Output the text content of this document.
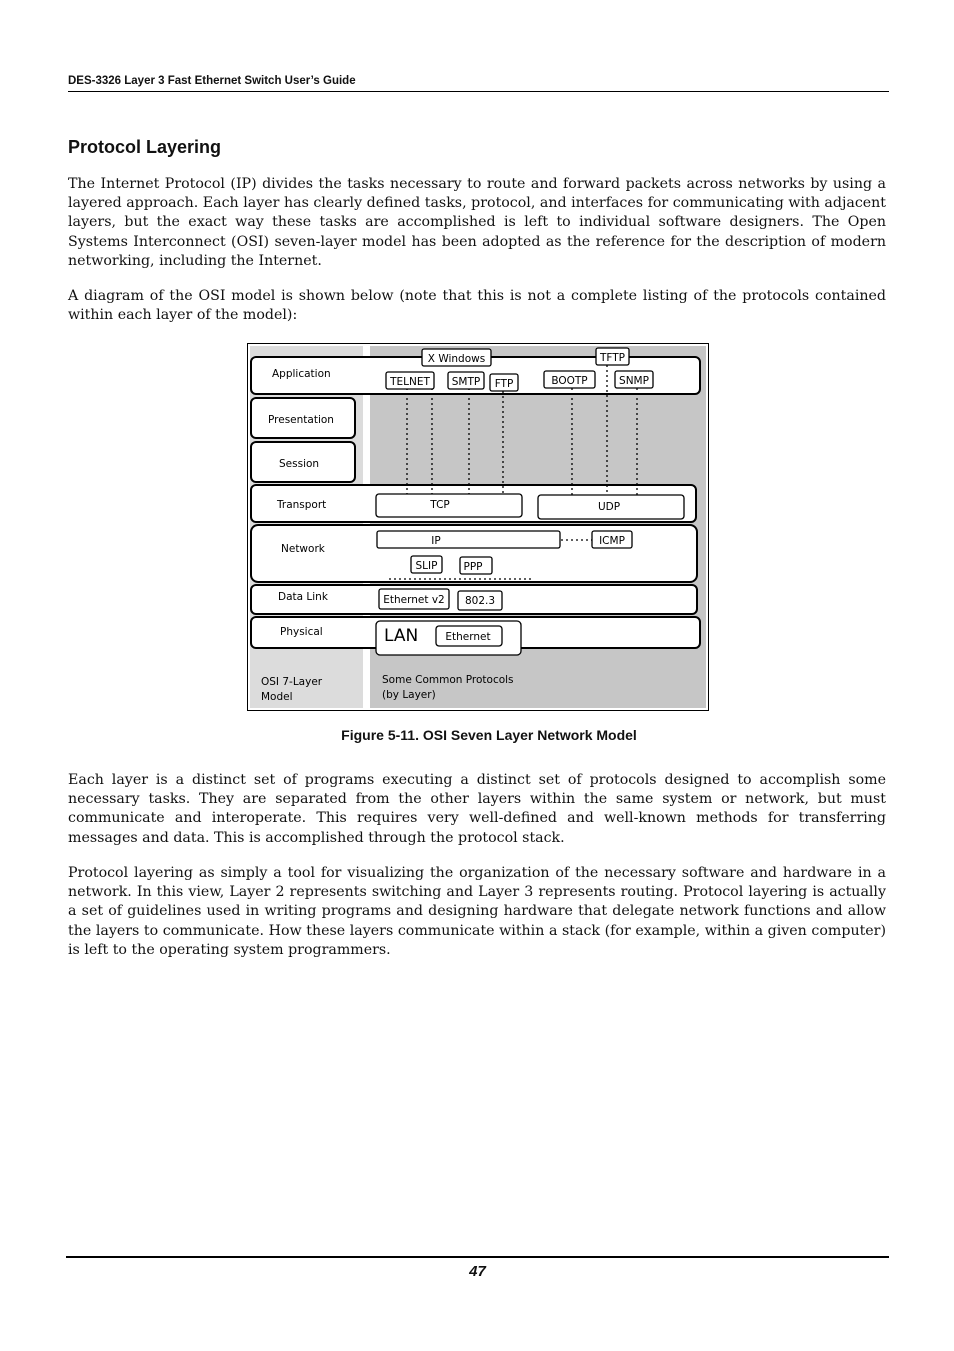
DES-3326 Layer 3 Fast Ethernet Switch User’s Guide
Protocol Layering

The Internet Protocol (IP) divides the tasks necessary to route and forward packets across networks by using a layered approach. Each layer has clearly defined tasks, protocol, and interfaces for communicating with adjacent layers, but the exact way these tasks are accomplished is left to individual software designers. The Open Systems Interconnect (OSI) seven-layer model has been adopted as the reference for the description of modern networking, including the Internet.

A diagram of the OSI model is shown below (note that this is not a complete listing of the protocols contained within each layer of the model):

Application
Presentation
Session
Transport
Network
Data Link
Physical
X Windows	TFTP
TELNET SMTP FTP	BOOTP	SNMP
TCP	UDP
IP	ICMP
SLIP PPP
Ethernet v2 802.3
LAN	Ethernet
OSI 7-Layer
Model
Some Common Protocols
(by Layer)
Figure 5-11. OSI Seven Layer Network Model

Each layer is a distinct set of programs executing a distinct set of protocols designed to accomplish some necessary tasks. They are separated from the other layers within the same system or network, but must communicate and interoperate. This requires very well-defined and well-known methods for transferring messages and data. This is accomplished through the protocol stack.

Protocol layering as simply a tool for visualizing the organization of the necessary software and hardware in a network. In this view, Layer 2 represents switching and Layer 3 represents routing. Protocol layering is actually a set of guidelines used in writing programs and designing hardware that delegate network functions and allow the layers to communicate. How these layers communicate within a stack (for example, within a given computer) is left to the operating system programmers.

47
